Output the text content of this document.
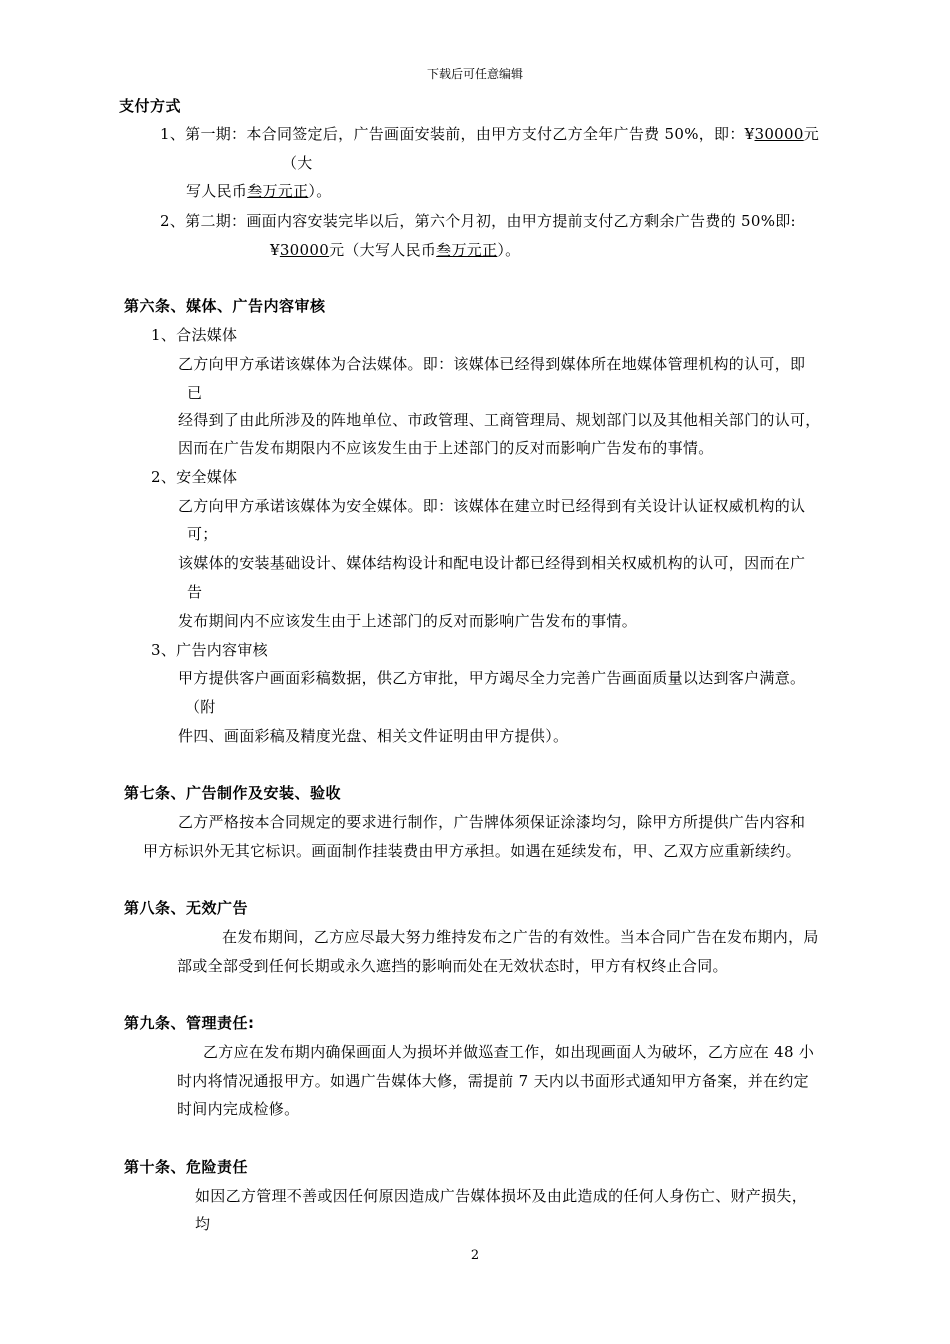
下载后可任意编辑
支付方式
1、第一期：本合同签定后，广告画面安装前，由甲方支付乙方全年广告费 50%，即：¥30000元
（大
写人民币叁万元正）。
2、第二期：画面内容安装完毕以后，第六个月初，由甲方提前支付乙方剩余广告费的 50%即:
¥30000元（大写人民币叁万元正）。
第六条、媒体、广告内容审核
1、合法媒体
乙方向甲方承诺该媒体为合法媒体。即：该媒体已经得到媒体所在地媒体管理机构的认可，即
已
经得到了由此所涉及的阵地单位、市政管理、工商管理局、规划部门以及其他相关部门的认可，
因而在广告发布期限内不应该发生由于上述部门的反对而影响广告发布的事情。
2、安全媒体
乙方向甲方承诺该媒体为安全媒体。即：该媒体在建立时已经得到有关设计认证权威机构的认
可；
该媒体的安装基础设计、媒体结构设计和配电设计都已经得到相关权威机构的认可，因而在广
告
发布期间内不应该发生由于上述部门的反对而影响广告发布的事情。
3、广告内容审核
甲方提供客户画面彩稿数据，供乙方审批，甲方竭尽全力完善广告画面质量以达到客户满意。
（附
件四、画面彩稿及精度光盘、相关文件证明由甲方提供）。
第七条、广告制作及安装、验收
乙方严格按本合同规定的要求进行制作，广告牌体须保证涂漆均匀，除甲方所提供广告内容和
甲方标识外无其它标识。画面制作挂装费由甲方承担。如遇在延续发布，甲、乙双方应重新续约。
第八条、无效广告
在发布期间，乙方应尽最大努力维持发布之广告的有效性。当本合同广告在发布期内，局
部或全部受到任何长期或永久遮挡的影响而处在无效状态时，甲方有权终止合同。
第九条、管理责任:
乙方应在发布期内确保画面人为损坏并做巡查工作，如出现画面人为破坏，乙方应在 48 小
时内将情况通报甲方。如遇广告媒体大修，需提前 7 天内以书面形式通知甲方备案，并在约定
时间内完成检修。
第十条、危险责任
如因乙方管理不善或因任何原因造成广告媒体损坏及由此造成的任何人身伤亡、财产损失，
均
2
